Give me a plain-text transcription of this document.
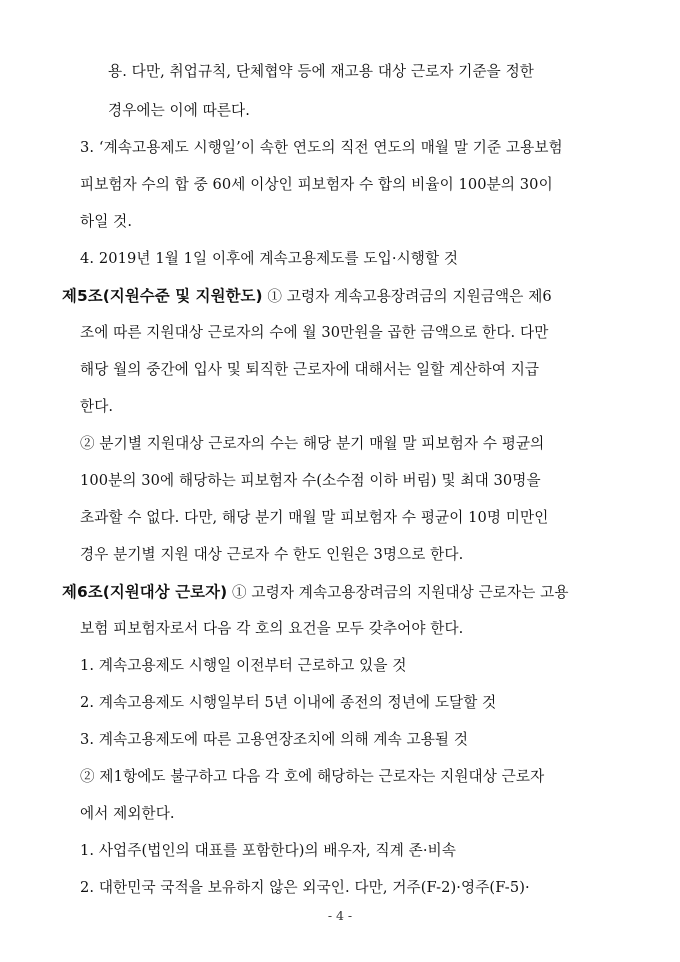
용. 다만, 취업규칙, 단체협약 등에 재고용 대상 근로자 기준을 정한
경우에는 이에 따른다.
3. ‘계속고용제도 시행일’이 속한 연도의 직전 연도의 매월 말 기준 고용보험
피보험자 수의 합 중 60세 이상인 피보험자 수 합의 비율이 100분의 30이
하일 것.
4. 2019년 1월 1일 이후에 계속고용제도를 도입·시행할 것
제5조(지원수준 및 지원한도) ① 고령자 계속고용장려금의 지원금액은 제6
조에 따른 지원대상 근로자의 수에 월 30만원을 곱한 금액으로 한다. 다만
해당 월의 중간에 입사 및 퇴직한 근로자에 대해서는 일할 계산하여 지급
한다.
② 분기별 지원대상 근로자의 수는 해당 분기 매월 말 피보험자 수 평균의
100분의 30에 해당하는 피보험자 수(소수점 이하 버림) 및 최대 30명을
초과할 수 없다. 다만, 해당 분기 매월 말 피보험자 수 평균이 10명 미만인
경우 분기별 지원 대상 근로자 수 한도 인원은 3명으로 한다.
제6조(지원대상 근로자) ① 고령자 계속고용장려금의 지원대상 근로자는 고용
보험 피보험자로서 다음 각 호의 요건을 모두 갖추어야 한다.
1. 계속고용제도 시행일 이전부터 근로하고 있을 것
2. 계속고용제도 시행일부터 5년 이내에 종전의 정년에 도달할 것
3. 계속고용제도에 따른 고용연장조치에 의해 계속 고용될 것
② 제1항에도 불구하고 다음 각 호에 해당하는 근로자는 지원대상 근로자
에서 제외한다.
1. 사업주(법인의 대표를 포함한다)의 배우자, 직계 존·비속
2. 대한민국 국적을 보유하지 않은 외국인. 다만, 거주(F-2)·영주(F-5)·
- 4 -
